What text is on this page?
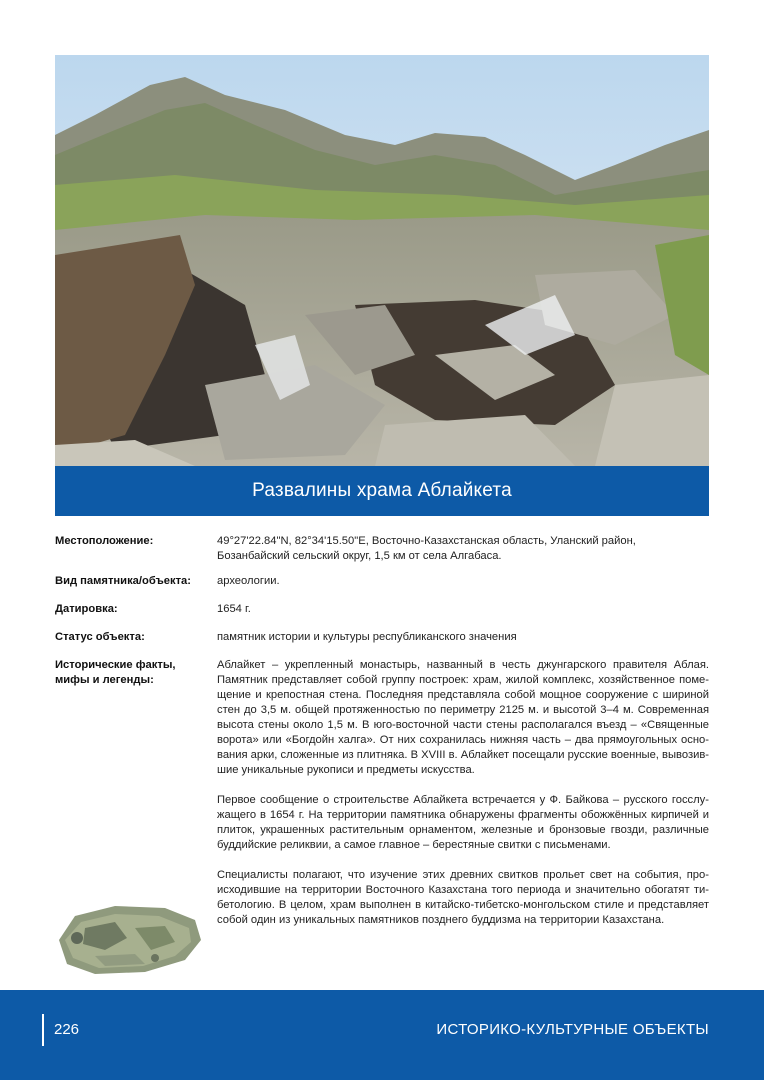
Развалины храма Аблайкета
Местоположение:	49°27'22.84"N, 82°34'15.50"E, Восточно-Казахстанская область, Уланский район,
Бозанбайский сельский округ, 1,5 км от села Алгабаса.
Вид памятника/объекта:	археологии.
Датировка:	1654 г.
Статус объекта:	памятник истории и культуры республиканского значения
Исторические факты,
мифы и легенды:

Аблайкет – укрепленный монастырь, названный в честь джунгарского правителя Аблая. Памятник представляет собой группу построек: храм, жилой комплекс, хозяйственное помещение и крепостная стена. Последняя представляла собой мощное сооружение с шириной стен до 3,5 м. общей протяженностью по периметру 2125 м. и высотой 3–4 м. Современная высота стены около 1,5 м. В юго-восточной части стены располагался въезд – «Священные ворота» или «Богдойн халга». От них сохранилась нижняя часть – два прямоугольных основания арки, сложенные из плитняка. В XVIII в. Аблайкет посещали русские военные, вывозившие уникальные рукописи и предметы искусства.

Первое сообщение о строительстве Аблайкета встречается у Ф. Байкова – русского госслужащего в 1654 г. На территории памятника обнаружены фрагменты обожжённых кирпичей и плиток, украшенных растительным орнаментом, железные и бронзовые гвозди, различные буддийские реликвии, а самое главное – берестяные свитки с письменами.

Специалисты полагают, что изучение этих древних свитков прольет свет на события, происходившие на территории Восточного Казахстана того периода и значительно обогатят тибетологию. В целом, храм выполнен в китайско-тибетско-монгольском стиле и представляет собой один из уникальных памятников позднего буддизма на территории Казахстана.

226	ИСТОРИКО-КУЛЬТУРНЫЕ ОБЪЕКТЫ
